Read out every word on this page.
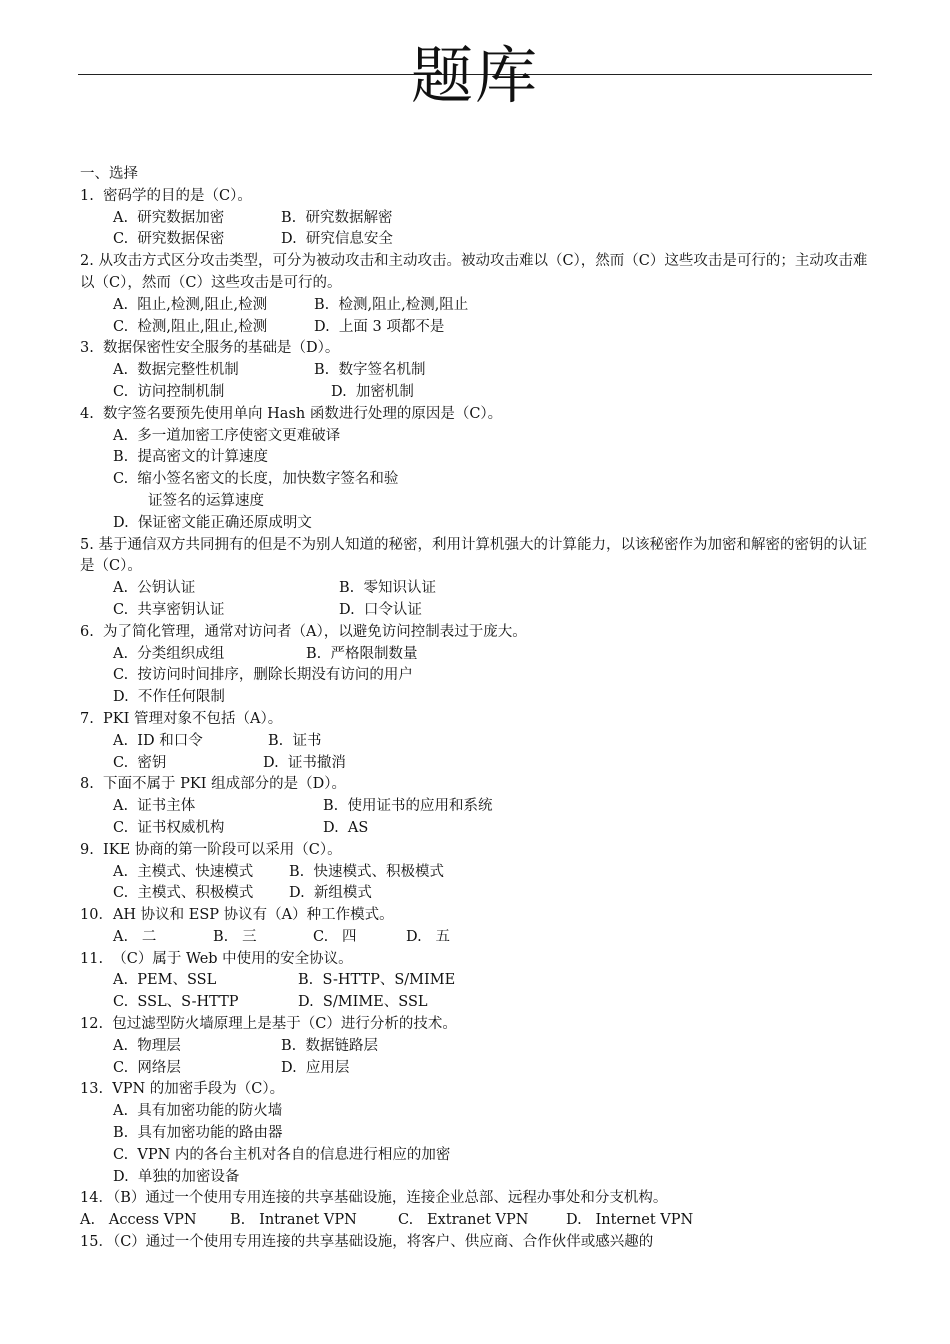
题库
一、选择
1.  密码学的目的是（C）。
A.  研究数据加密	B.  研究数据解密
C.  研究数据保密	D.  研究信息安全
2. 从攻击方式区分攻击类型，可分为被动攻击和主动攻击。被动攻击难以（C），然而（C）这些攻击是可行的；主动攻击难以（C），然而（C）这些攻击是可行的。
A.  阻止,检测,阻止,检测	B.  检测,阻止,检测,阻止
C.  检测,阻止,阻止,检测	D.  上面 3 项都不是
3.  数据保密性安全服务的基础是（D）。
A.  数据完整性机制	B.  数字签名机制
C.  访问控制机制	D.  加密机制
4.  数字签名要预先使用单向 Hash 函数进行处理的原因是（C）。
A.  多一道加密工序使密文更难破译
B.  提高密文的计算速度
C.  缩小签名密文的长度，加快数字签名和验
证签名的运算速度
D.  保证密文能正确还原成明文
5. 基于通信双方共同拥有的但是不为别人知道的秘密，利用计算机强大的计算能力，以该秘密作为加密和解密的密钥的认证是（C）。
A.  公钥认证	B.  零知识认证
C.  共享密钥认证	D.  口令认证
6.  为了简化管理，通常对访问者（A），以避免访问控制表过于庞大。
A.  分类组织成组	B.  严格限制数量
C.  按访问时间排序，删除长期没有访问的用户
D.  不作任何限制
7.  PKI 管理对象不包括（A）。
A.  ID 和口令	B.  证书
C.  密钥	D.  证书撤消
8.  下面不属于 PKI 组成部分的是（D）。
A.  证书主体	B.  使用证书的应用和系统
C.  证书权威机构	D.  AS
9.  IKE 协商的第一阶段可以采用（C）。
A.  主模式、快速模式 B.  快速模式、积极模式
C.  主模式、积极模式 D.  新组模式
10．AH 协议和 ESP 协议有（A）种工作模式。
A.   二	B.   三	C.   四	D.   五
11.  （C）属于 Web 中使用的安全协议。
A.  PEM、SSL	B.  S-HTTP、S/MIME
C.  SSL、S-HTTP	D.  S/MIME、SSL
12.  包过滤型防火墙原理上是基于（C）进行分析的技术。
A.  物理层	B.  数据链路层
C.  网络层	D.  应用层
13.  VPN 的加密手段为（C）。
A.  具有加密功能的防火墙
B.  具有加密功能的路由器
C.  VPN 内的各台主机对各自的信息进行相应的加密
D.  单独的加密设备
14．（B）通过一个使用专用连接的共享基础设施，连接企业总部、远程办事处和分支机构。
A.   Access VPN B.   Intranet VPN	C.   Extranet VPN	D.   Internet VPN
15．（C）通过一个使用专用连接的共享基础设施，将客户、供应商、合作伙伴或感兴趣的
